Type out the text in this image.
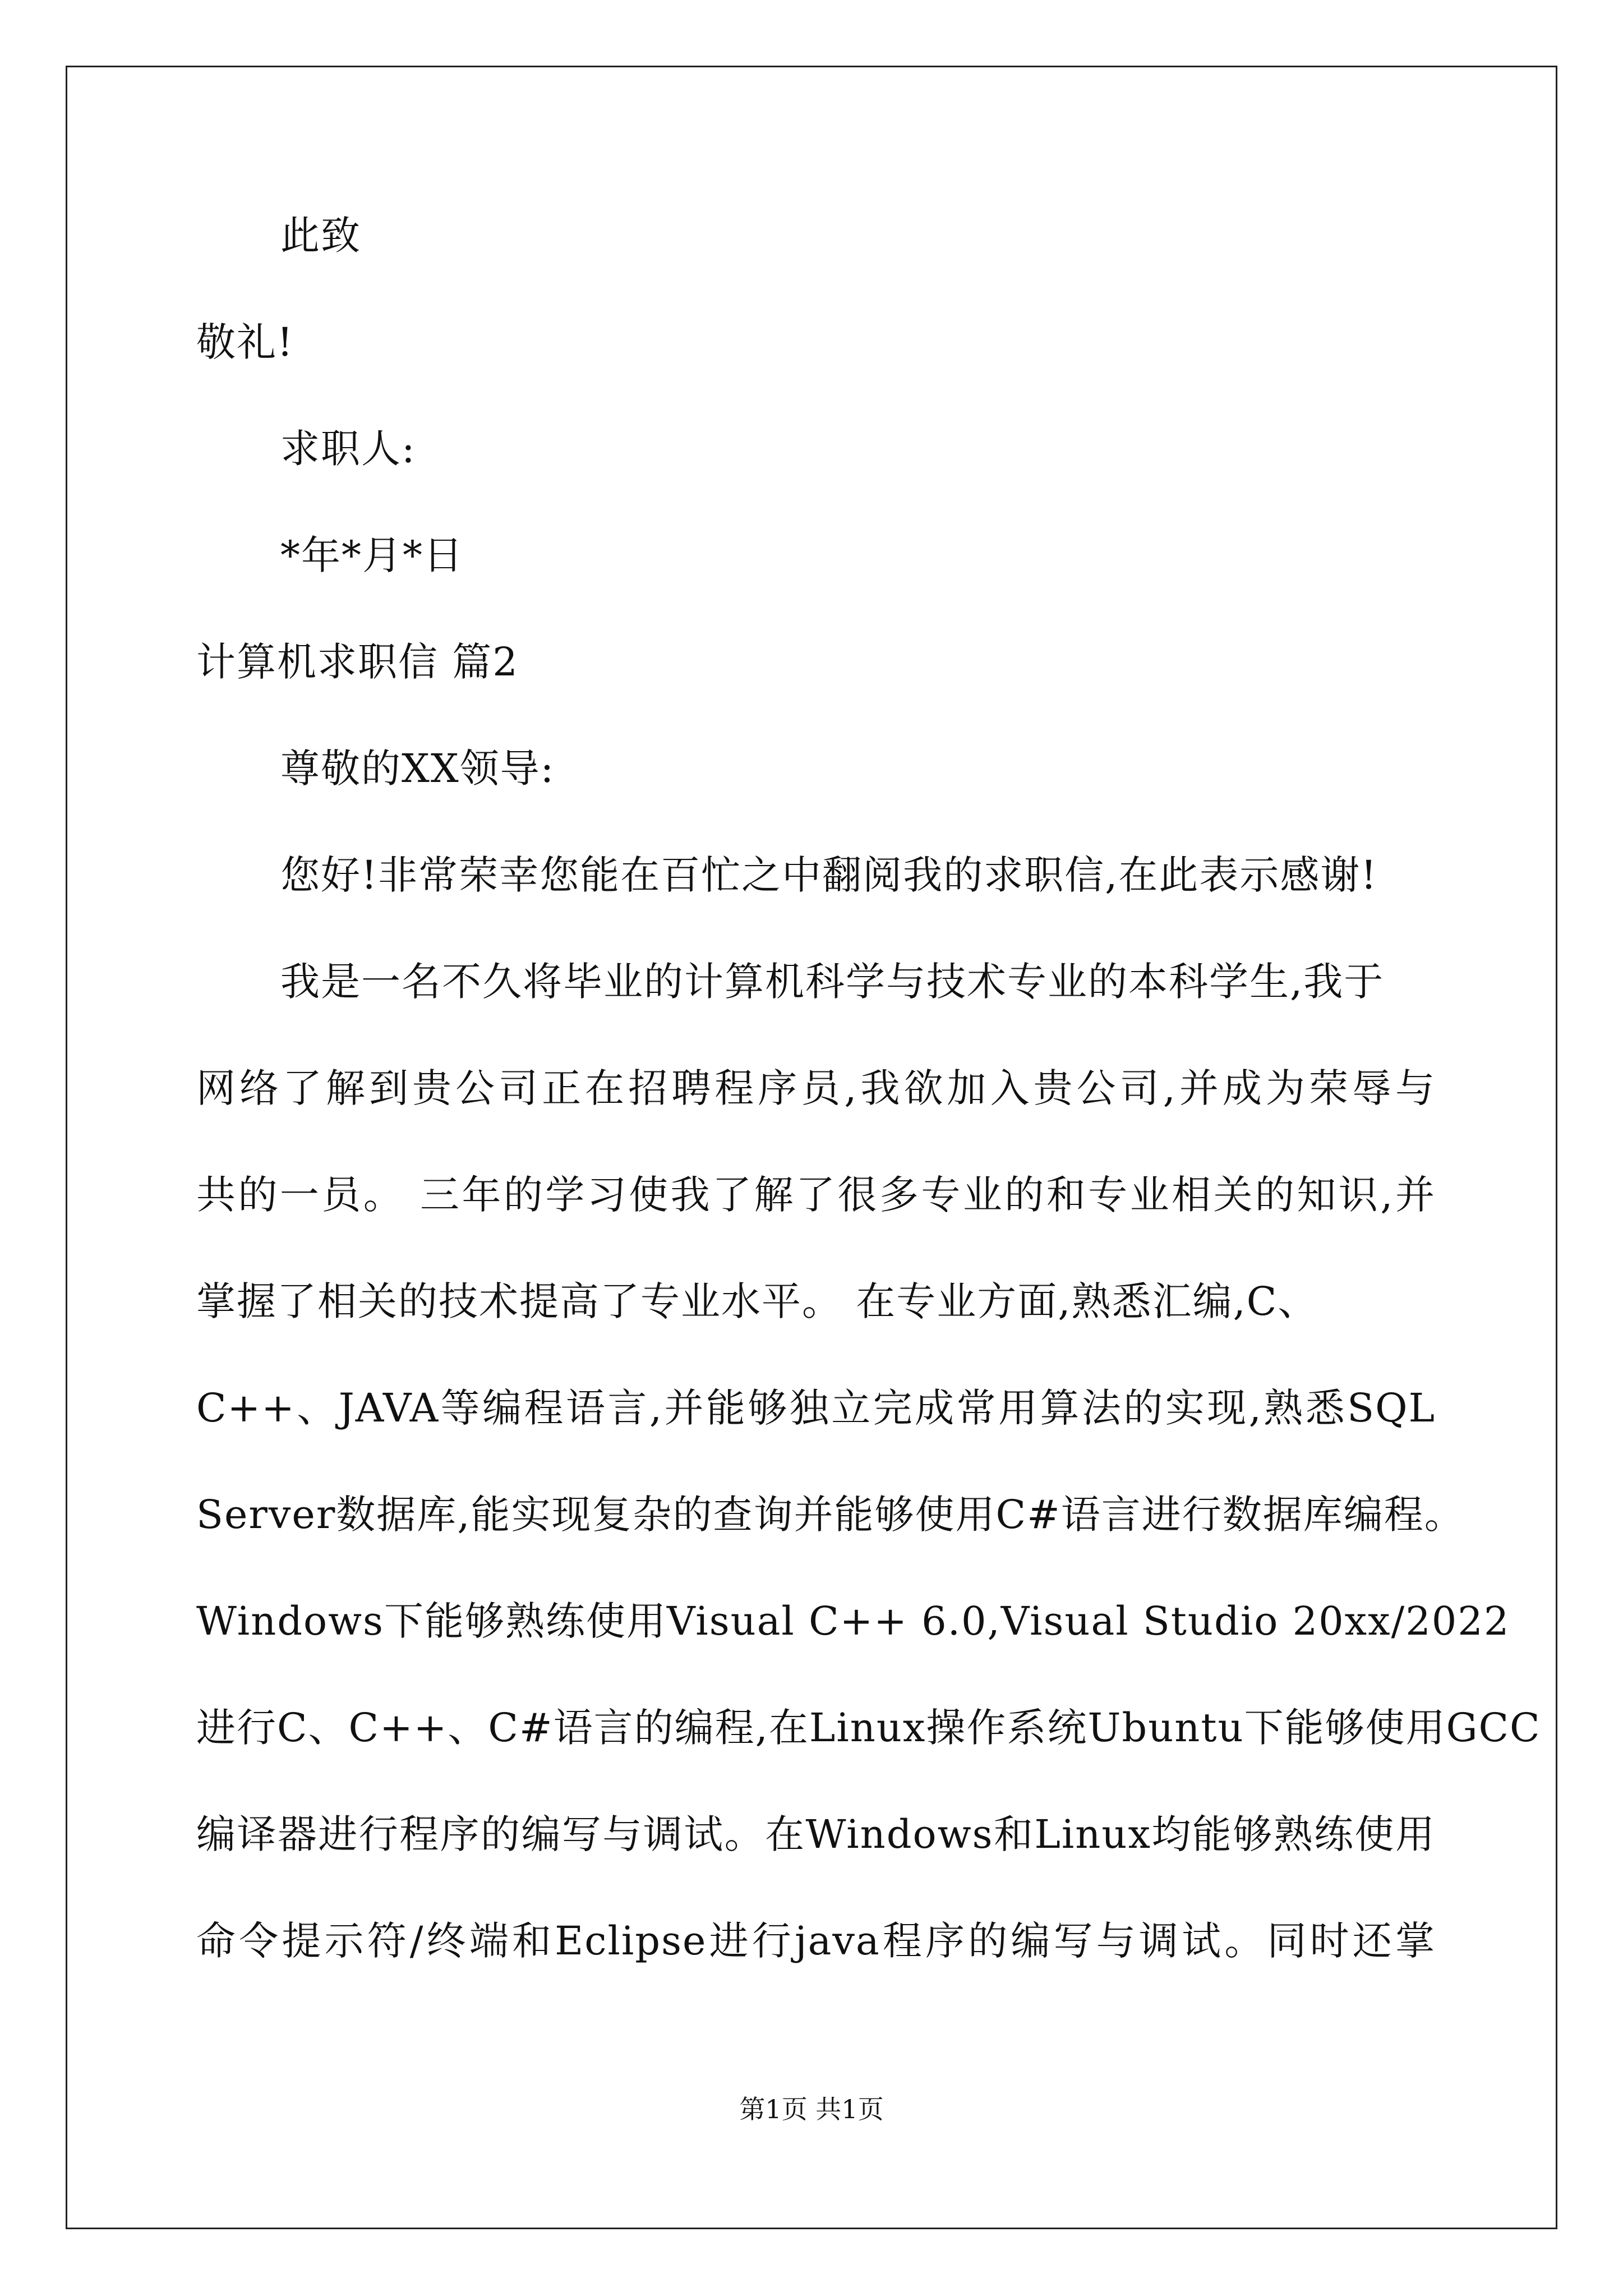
此致
敬礼!
求职人:
*年*月*日
计算机求职信 篇2
尊敬的XX领导:
您好!非常荣幸您能在百忙之中翻阅我的求职信,在此表示感谢!
我是一名不久将毕业的计算机科学与技术专业的本科学生,我于
网络了解到贵公司正在招聘程序员,我欲加入贵公司,并成为荣辱与
共的一员。 三年的学习使我了解了很多专业的和专业相关的知识,并
掌握了相关的技术提高了专业水平。 在专业方面,熟悉汇编,C、
C++、JAVA等编程语言,并能够独立完成常用算法的实现,熟悉SQL
Server数据库,能实现复杂的查询并能够使用C#语言进行数据库编程。
Windows下能够熟练使用Visual C++ 6.0,Visual Studio 20xx/2022
进行C、C++、C#语言的编程,在Linux操作系统Ubuntu下能够使用GCC
编译器进行程序的编写与调试。在Windows和Linux均能够熟练使用
命令提示符/终端和Eclipse进行java程序的编写与调试。同时还掌
第1页 共1页
